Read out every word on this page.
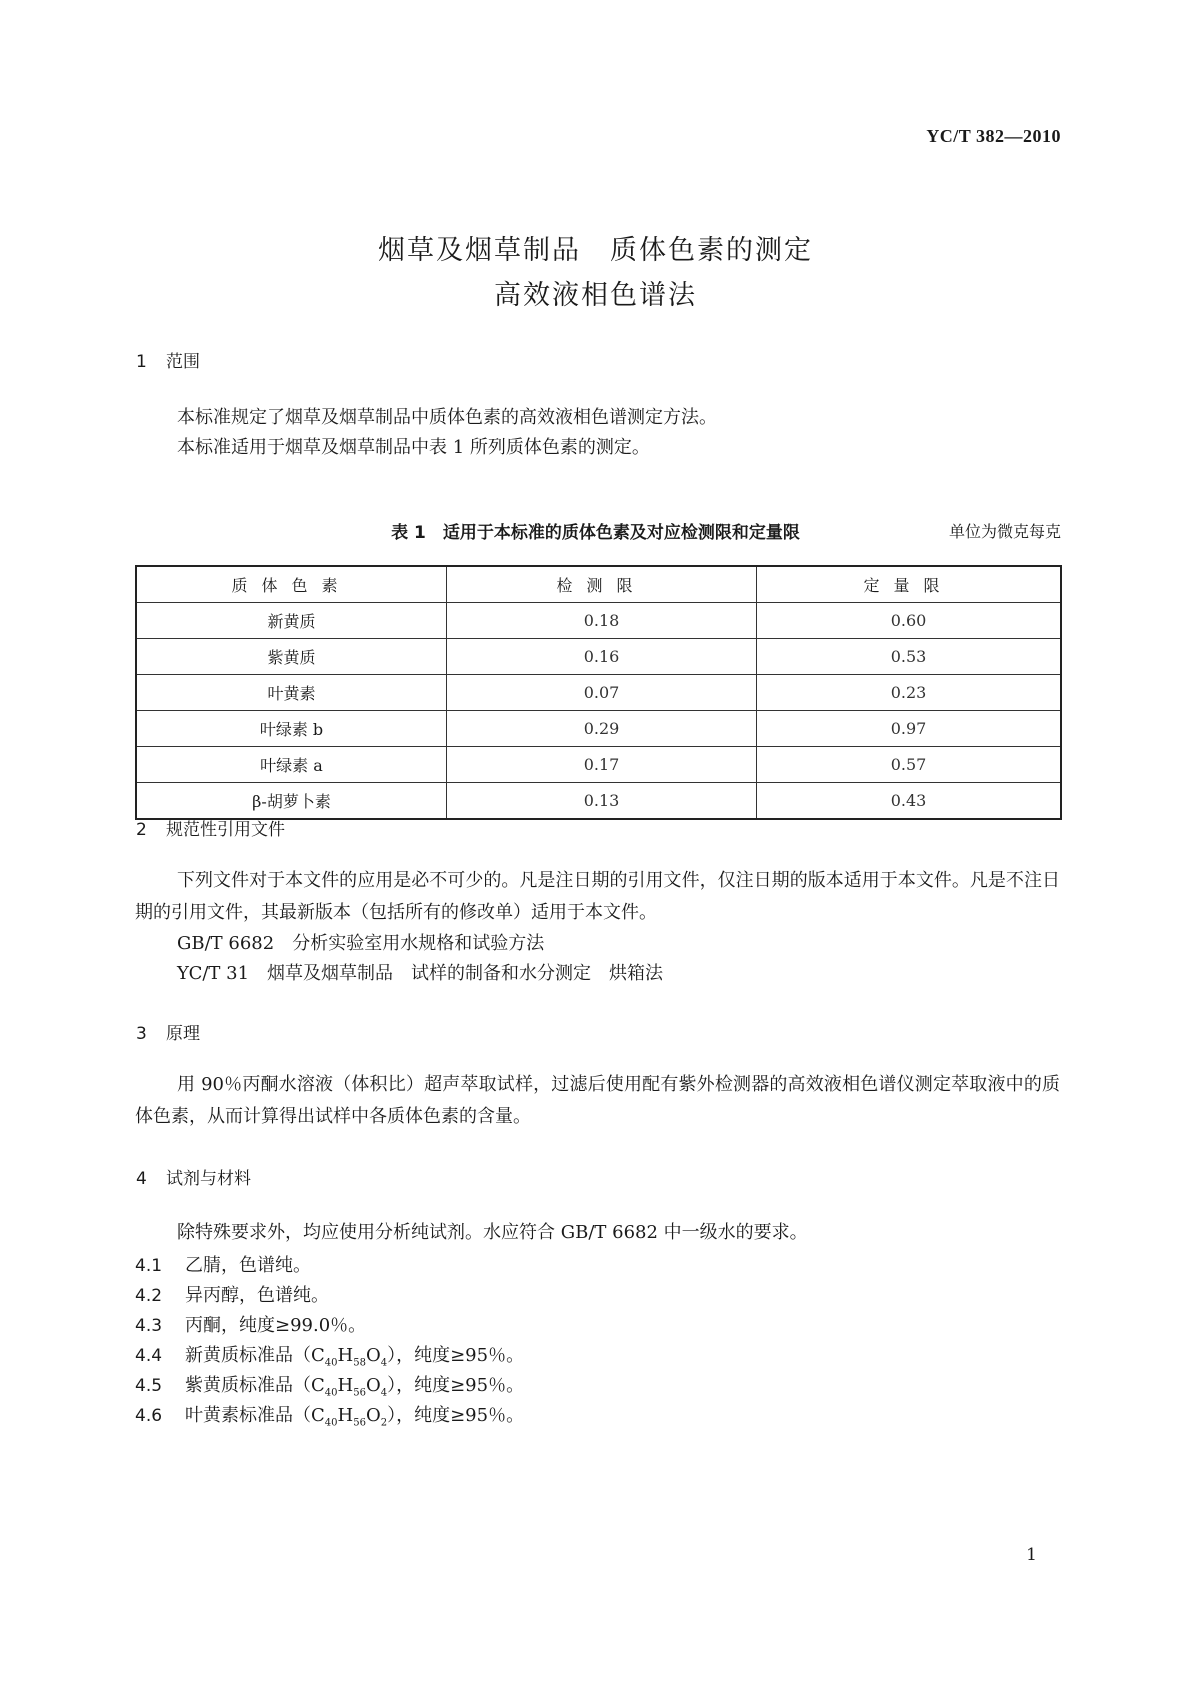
YC/T 382—2010
烟草及烟草制品　质体色素的测定
高效液相色谱法
1 范围
本标准规定了烟草及烟草制品中质体色素的高效液相色谱测定方法。
本标准适用于烟草及烟草制品中表 1 所列质体色素的测定。
表 1　适用于本标准的质体色素及对应检测限和定量限	单位为微克每克
质体色素	检测限	定量限
新黄质	0.18	0.60
紫黄质	0.16	0.53
叶黄素	0.07	0.23
叶绿素 b	0.29	0.97
叶绿素 a	0.17	0.57
β-胡萝卜素	0.13	0.43
2 规范性引用文件
下列文件对于本文件的应用是必不可少的。凡是注日期的引用文件，仅注日期的版本适用于本文件。凡是不注日期的引用文件，其最新版本（包括所有的修改单）适用于本文件。
GB/T 6682　分析实验室用水规格和试验方法
YC/T 31　烟草及烟草制品　试样的制备和水分测定　烘箱法
3 原理
用 90％丙酮水溶液（体积比）超声萃取试样，过滤后使用配有紫外检测器的高效液相色谱仪测定萃取液中的质体色素，从而计算得出试样中各质体色素的含量。
4 试剂与材料
除特殊要求外，均应使用分析纯试剂。水应符合 GB/T 6682 中一级水的要求。
4.1 乙腈，色谱纯。
4.2 异丙醇，色谱纯。
4.3 丙酮，纯度≥99.0％。
4.4 新黄质标准品$(C_{40}H_{58}O_4)$，纯度≥95％。
4.5 紫黄质标准品$(C_{40}H_{56}O_4)$，纯度≥95％。
4.6 叶黄素标准品$(C_{40}H_{56}O_2)$，纯度≥95％。
1
